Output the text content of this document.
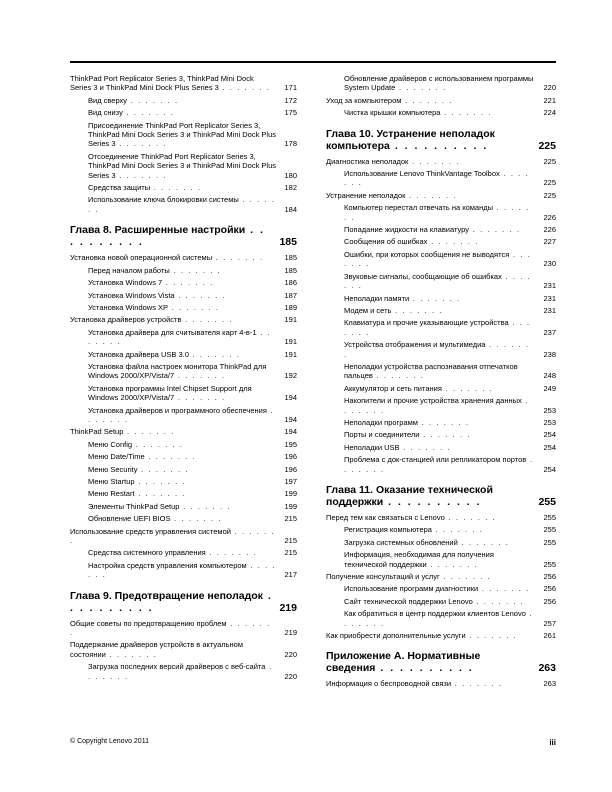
ThinkPad Port Replicator Series 3, ThinkPad Mini Dock Series 3 и ThinkPad Mini Dock Plus Series 3 . . . . . . . 171
Вид сверху . . . . . . .	172
Вид снизу . . . . . . .	175
Присоединение ThinkPad Port Replicator Series 3, ThinkPad Mini Dock Series 3 и ThinkPad Mini Dock Plus Series 3 . . . . . . .	178
Отсоединение ThinkPad Port Replicator Series 3, ThinkPad Mini Dock Series 3 и ThinkPad Mini Dock Plus Series 3 . . . . . . .	180
Средства защиты . . . . . . .	182
Использование ключа блокировки системы . . . . . . .	184
Глава 8. Расширенные настройки . . . . . . . . . .	185
Установка новой операционной системы . . . . . . .	185
Перед началом работы . . . . . . .	185
Установка Windows 7 . . . . . . .	186
Установка Windows Vista . . . . . . .	187
Установка Windows XP . . . . . . .	189
Установка драйверов устройств . . . . . . .	191
Установка драйвера для считывателя карт 4-в-1 . . . . . . .	191
Установка драйвера USB 3.0 . . . . . . .	191
Установка файла настроек монитора ThinkPad для Windows 2000/XP/Vista/7 . . . . . . .	192
Установка программы Intel Chipset Support для Windows 2000/XP/Vista/7 . . . . . . .	194
Установка драйверов и программного обеспечения . . . . . . .	194
ThinkPad Setup . . . . . . .	194
Меню Config . . . . . . .	195
Меню Date/Time . . . . . . .	196
Меню Security . . . . . . .	196
Меню Startup . . . . . . .	197
Меню Restart . . . . . . .	199
Элементы ThinkPad Setup . . . . . . .	199
Обновление UEFI BIOS . . . . . . .	215
Использование средств управления системой . . . . . . .	215
Средства системного управления . . . . . . .	215
Настройка средств управления компьютером . . . . . . .	217
Глава 9. Предотвращение неполадок . . . . . . . . . .	219
Общие советы по предотвращению проблем . . . . . . .	219
Поддержание драйверов устройств в актуальном состоянии . . . . . . .	220
Загрузка последних версий драйверов с веб-сайта . . . . . . .	220
Обновление драйверов с использованием программы System Update . . . . . . .	220
Уход за компьютером . . . . . . .	221
Чистка крышки компьютера . . . . . . .	224
Глава 10. Устранение неполадок компьютера . . . . . . . . . .	225
Диагностика неполадок . . . . . . .	225
Использование Lenovo ThinkVantage Toolbox . . . . . . .	225
Устранение неполадок . . . . . . .	225
Компьютер перестал отвечать на команды . . . . . . .	226
Попадание жидкости на клавиатуру . . . . . . .	226
Сообщения об ошибках . . . . . . .	227
Ошибки, при которых сообщения не выводятся . . . . . . .	230
Звуковые сигналы, сообщающие об ошибках . . . . . . .	231
Неполадки памяти . . . . . . .	231
Модем и сеть . . . . . . .	231
Клавиатура и прочие указывающие устройства . . . . . . .	237
Устройства отображения и мультимедиа . . . . . . .	238
Неполадки устройства распознавания отпечатков пальцев . . . . . . .	248
Аккумулятор и сеть питания . . . . . . .	249
Накопители и прочие устройства хранения данных . . . . . . .	253
Неполадки программ . . . . . . .	253
Порты и соединители . . . . . . .	254
Неполадки USB . . . . . . .	254
Проблема с док-станцией или репликатором портов . . . . . . .	254
Глава 11. Оказание технической поддержки . . . . . . . . . .	255
Перед тем как связаться с Lenovo . . . . . . .	255
Регистрация компьютера . . . . . . .	255
Загрузка системных обновлений . . . . . . .	255
Информация, необходимая для получения технической поддержки . . . . . . .	255
Получение консультаций и услуг . . . . . . .	256
Использование программ диагностики . . . . . . . 256
Сайт технической поддержки Lenovo . . . . . . .	256
Как обратиться в центр поддержки клиентов Lenovo . . . . . . .	257
Как приобрести дополнительные услуги . . . . . . .	261
Приложение A. Нормативные сведения . . . . . . . . . .	263
Информация о беспроводной связи . . . . . . .	263
© Copyright Lenovo 2011	iii
